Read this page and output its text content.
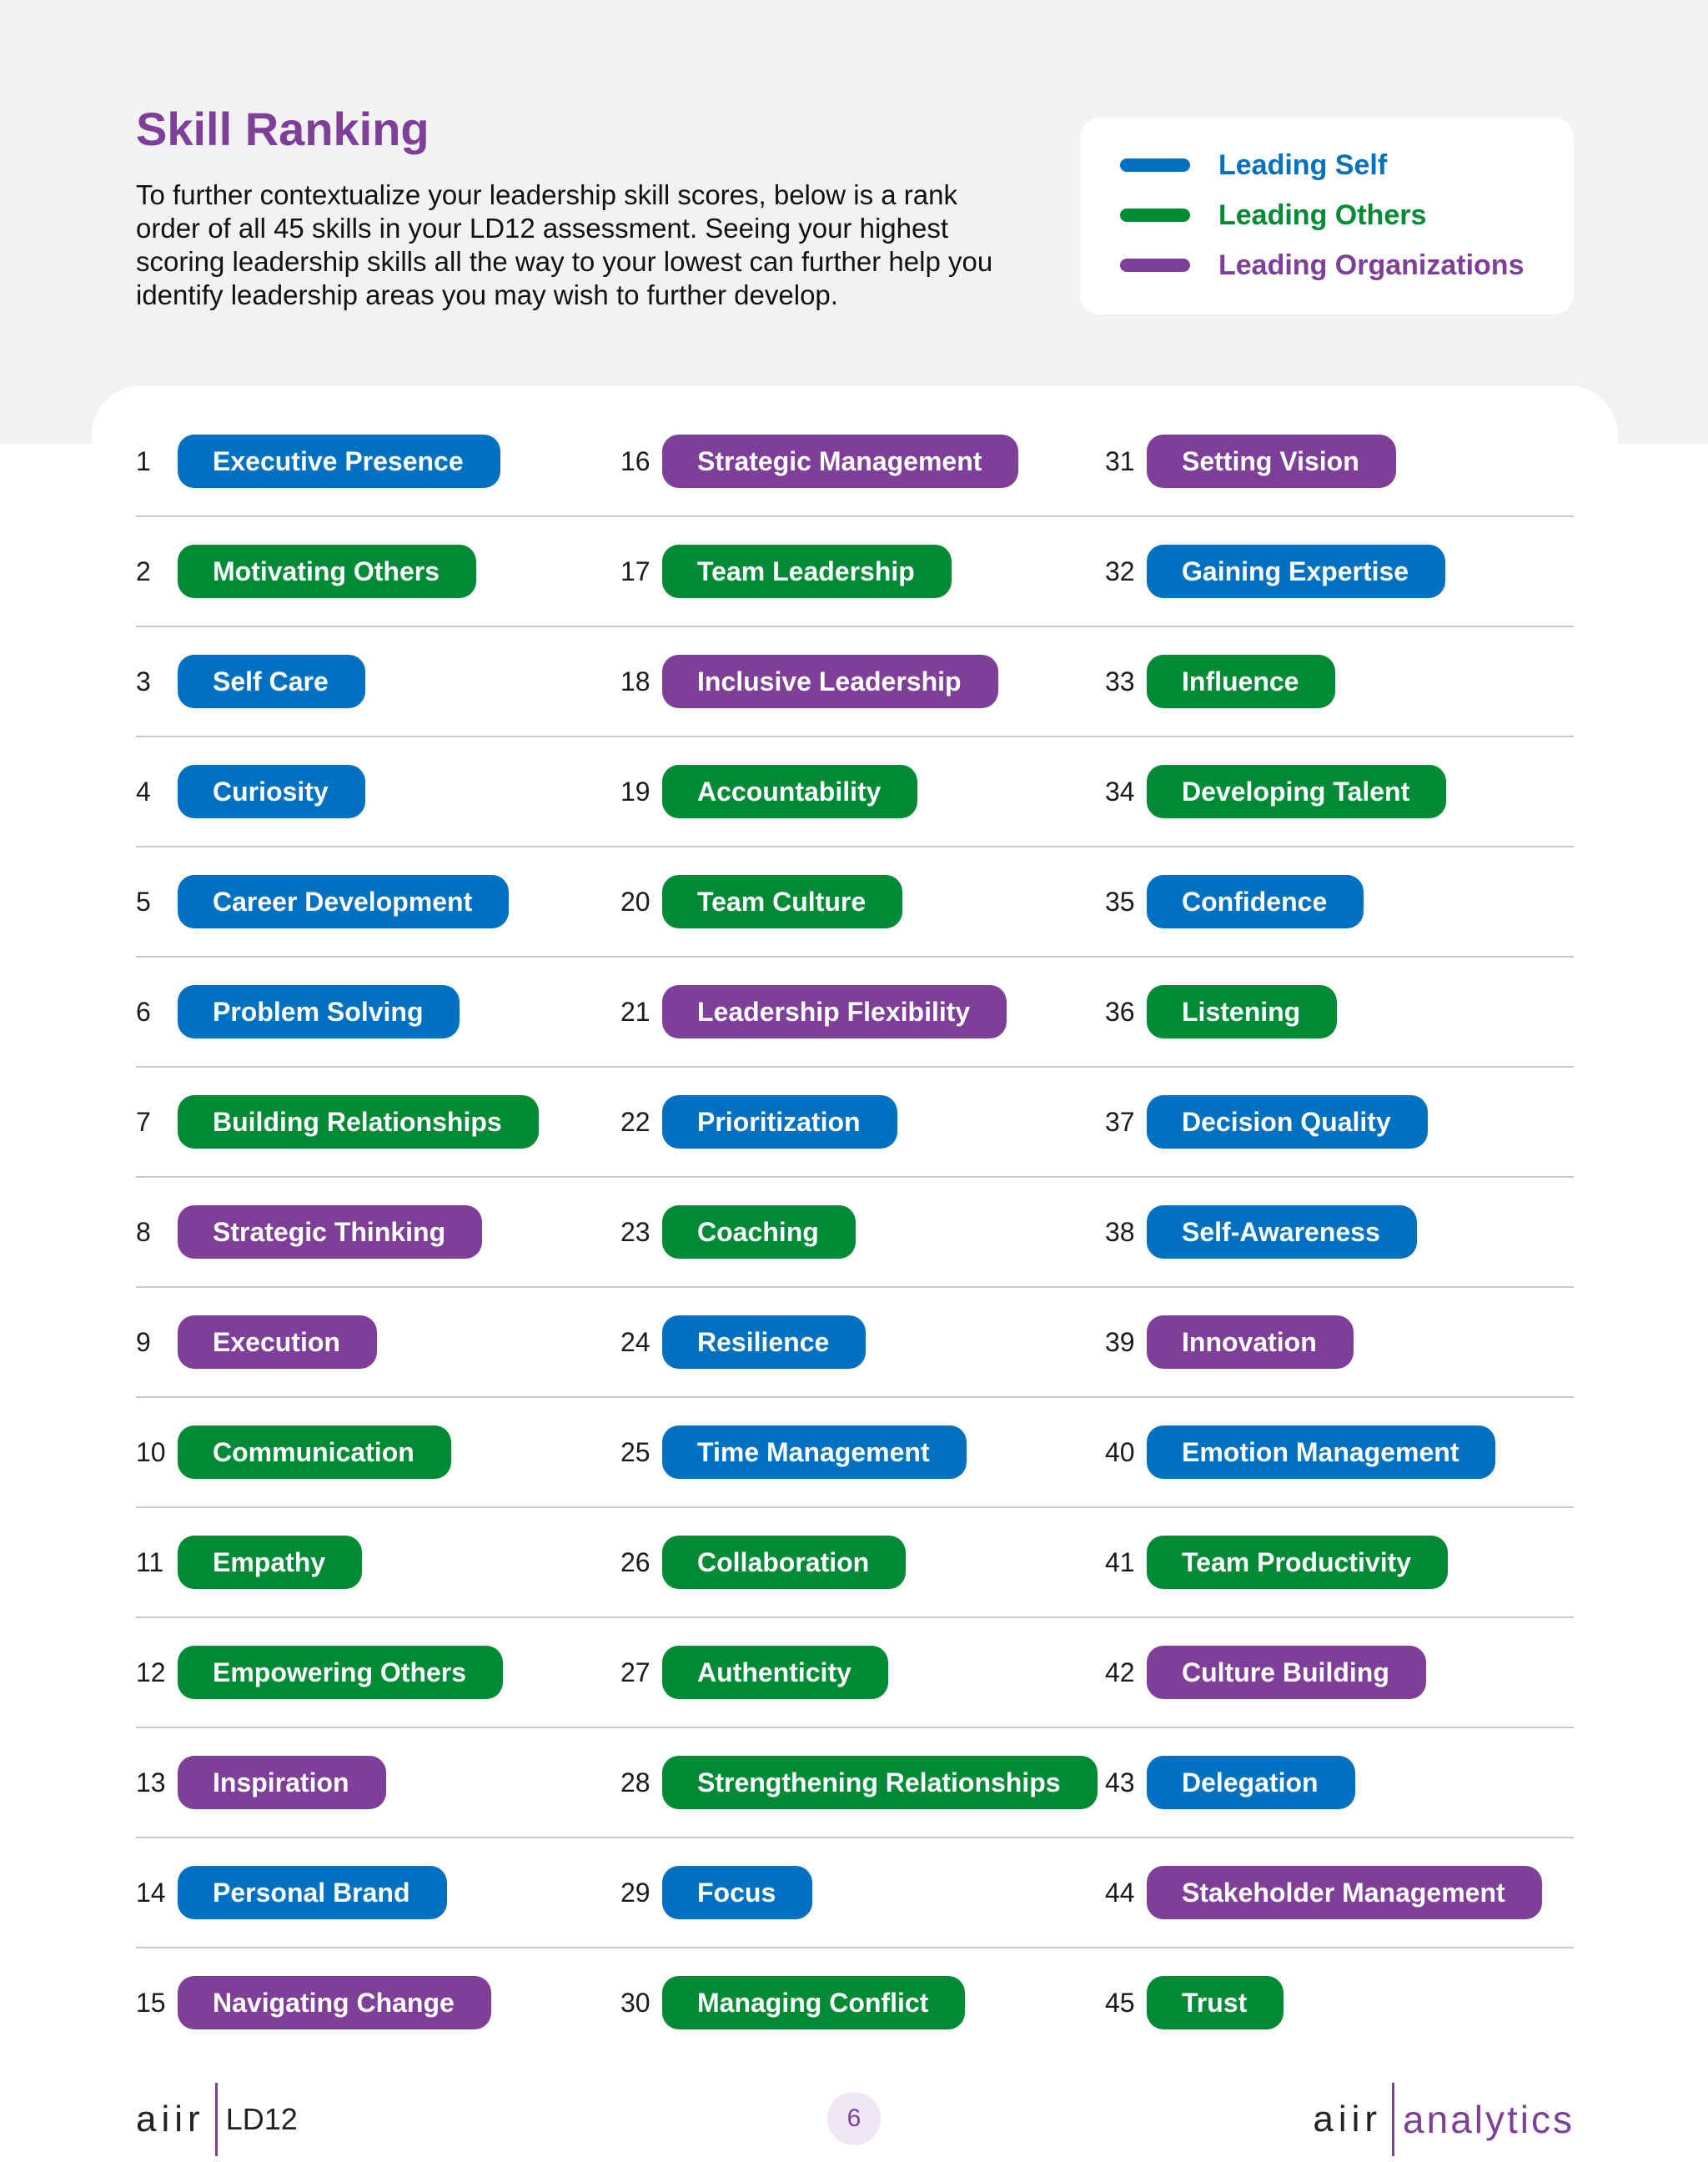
Skill Ranking

To further contextualize your leadership skill scores, below is a rank order of all 45 skills in your LD12 assessment. Seeing your highest scoring leadership skills all the way to your lowest can further help you identify leadership areas you may wish to further develop.

Leading Self
Leading Others
Leading Organizations
1	Executive Presence	16	Strategic Management	31	Setting Vision
2	Motivating Others	17	Team Leadership	32	Gaining Expertise
3	Self Care	18	Inclusive Leadership	33	Influence
4	Curiosity	19	Accountability	34	Developing Talent
5	Career Development	20	Team Culture	35	Confidence
6	Problem Solving	21	Leadership Flexibility	36	Listening
7	Building Relationships	22	Prioritization	37	Decision Quality
8	Strategic Thinking	23	Coaching	38	Self-Awareness
9	Execution	24	Resilience	39	Innovation
10	Communication	25	Time Management	40	Emotion Management
11	Empathy	26	Collaboration	41	Team Productivity
12	Empowering Others	27	Authenticity	42	Culture Building
13	Inspiration	28	Strengthening Relationships	43	Delegation
14	Personal Brand	29	Focus	44	Stakeholder Management
15	Navigating Change	30	Managing Conflict	45	Trust
aiir LD12	6	aiir analytics
